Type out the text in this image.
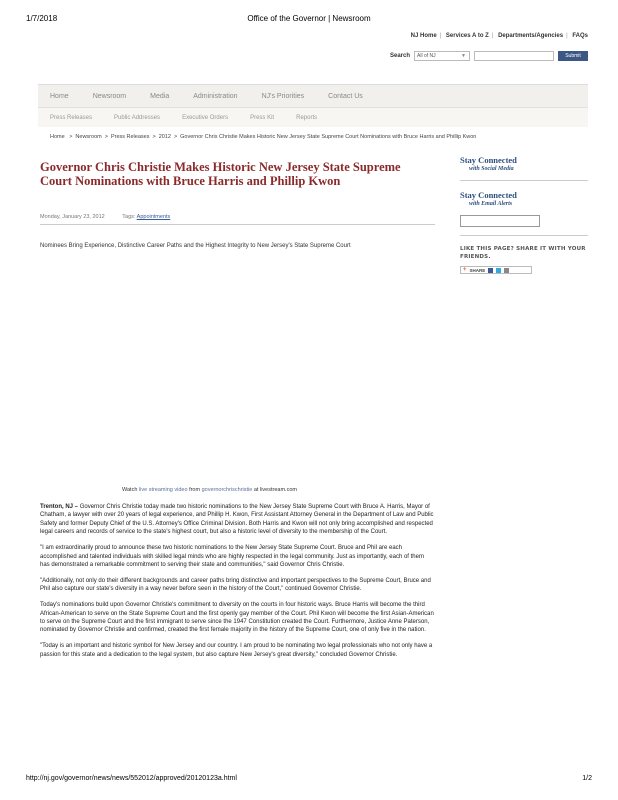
1/7/2018	Office of the Governor | Newsroom
NJ Home | Services A to Z | Departments/Agencies | FAQs
Search	All of NJ	▼	Submit
Home	Newsroom	Media	Administration	NJ's Priorities	Contact Us
Press Releases	Public Addresses	Executive Orders	Press Kit	Reports
Home > Newsroom > Press Releases > 2012 > Governor Chris Christie Makes Historic New Jersey State Supreme Court Nominations with Bruce Harris and Phillip Kwon
Governor Chris Christie Makes Historic New Jersey State Supreme Court Nominations with Bruce Harris and Phillip Kwon
Monday, January 23, 2012	Tags: Appointments
Nominees Bring Experience, Distinctive Career Paths and the Highest Integrity to New Jersey's State Supreme Court
Watch live streaming video from governorchrischristie at livestream.com

Trenton, NJ – Governor Chris Christie today made two historic nominations to the New Jersey State Supreme Court with Bruce A. Harris, Mayor of Chatham, a lawyer with over 20 years of legal experience, and Phillip H. Kwon, First Assistant Attorney General in the Department of Law and Public Safety and former Deputy Chief of the U.S. Attorney's Office Criminal Division. Both Harris and Kwon will not only bring accomplished and respected legal careers and records of service to the state's highest court, but also a historic level of diversity to the membership of the Court.

"I am extraordinarily proud to announce these two historic nominations to the New Jersey State Supreme Court. Bruce and Phil are each accomplished and talented individuals with skilled legal minds who are highly respected in the legal community. Just as importantly, each of them has demonstrated a remarkable commitment to serving their state and communities," said Governor Chris Christie.

"Additionally, not only do their different backgrounds and career paths bring distinctive and important perspectives to the Supreme Court, Bruce and Phil also capture our state's diversity in a way never before seen in the history of the Court," continued Governor Christie.

Today's nominations build upon Governor Christie's commitment to diversity on the courts in four historic ways. Bruce Harris will become the third African-American to serve on the State Supreme Court and the first openly gay member of the Court. Phil Kwon will become the first Asian-American to serve on the Supreme Court and the first immigrant to serve since the 1947 Constitution created the Court. Furthermore, Justice Anne Paterson, nominated by Governor Christie and confirmed, created the first female majority in the history of the Supreme Court, one of only five in the nation.

"Today is an important and historic symbol for New Jersey and our country. I am proud to be nominating two legal professionals who not only have a passion for this state and a dedication to the legal system, but also capture New Jersey's great diversity," concluded Governor Christie.

Stay Connected
with Social Media
Stay Connected
with Email Alerts
LIKE THIS PAGE? SHARE IT WITH YOUR FRIENDS.
+ SHARE
http://nj.gov/governor/news/news/552012/approved/20120123a.html	1/2
